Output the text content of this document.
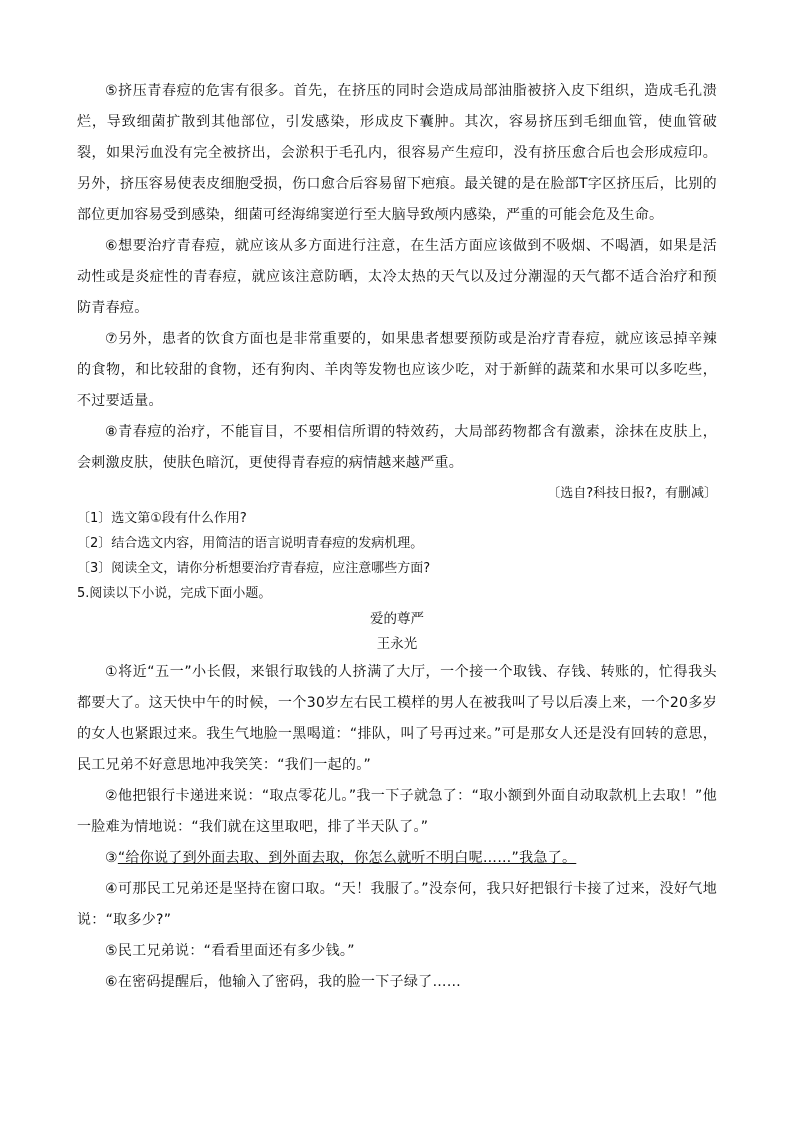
⑤挤压青春痘的危害有很多。首先，在挤压的同时会造成局部油脂被挤入皮下组织，造成毛孔溃烂，导致细菌扩散到其他部位，引发感染，形成皮下囊肿。其次，容易挤压到毛细血管，使血管破裂，如果污血没有完全被挤出，会淤积于毛孔内，很容易产生痘印，没有挤压愈合后也会形成痘印。另外，挤压容易使表皮细胞受损，伤口愈合后容易留下疤痕。最关键的是在脸部T字区挤压后，比别的部位更加容易受到感染，细菌可经海绵窦逆行至大脑导致颅内感染，严重的可能会危及生命。

⑥想要治疗青春痘，就应该从多方面进行注意，在生活方面应该做到不吸烟、不喝酒，如果是活动性或是炎症性的青春痘，就应该注意防晒，太冷太热的天气以及过分潮湿的天气都不适合治疗和预防青春痘。

⑦另外，患者的饮食方面也是非常重要的，如果患者想要预防或是治疗青春痘，就应该忌掉辛辣的食物，和比较甜的食物，还有狗肉、羊肉等发物也应该少吃，对于新鲜的蔬菜和水果可以多吃些，不过要适量。

⑧青春痘的治疗，不能盲目，不要相信所谓的特效药，大局部药物都含有激素，涂抹在皮肤上，会刺激皮肤，使肤色暗沉，更使得青春痘的病情越来越严重。

〔选自?科技日报?，有删减〕

〔1〕选文第①段有什么作用?

〔2〕结合选文内容，用简洁的语言说明青春痘的发病机理。

〔3〕阅读全文，请你分析想要治疗青春痘，应注意哪些方面?

5.阅读以下小说，完成下面小题。

爱的尊严

王永光

①将近“五一”小长假，来银行取钱的人挤满了大厅，一个接一个取钱、存钱、转账的，忙得我头都要大了。这天快中午的时候，一个30岁左右民工模样的男人在被我叫了号以后凑上来，一个20多岁的女人也紧跟过来。我生气地脸一黑喝道：“排队，叫了号再过来。”可是那女人还是没有回转的意思，民工兄弟不好意思地冲我笑笑：“我们一起的。”

②他把银行卡递进来说：“取点零花儿。”我一下子就急了：“取小额到外面自动取款机上去取！”他一脸难为情地说：“我们就在这里取吧，排了半天队了。”

③“给你说了到外面去取、到外面去取，你怎么就听不明白呢……”我急了。

④可那民工兄弟还是坚持在窗口取。“天！我服了。”没奈何，我只好把银行卡接了过来，没好气地说：“取多少?”

⑤民工兄弟说：“看看里面还有多少钱。”

⑥在密码提醒后，他输入了密码，我的脸一下子绿了……
